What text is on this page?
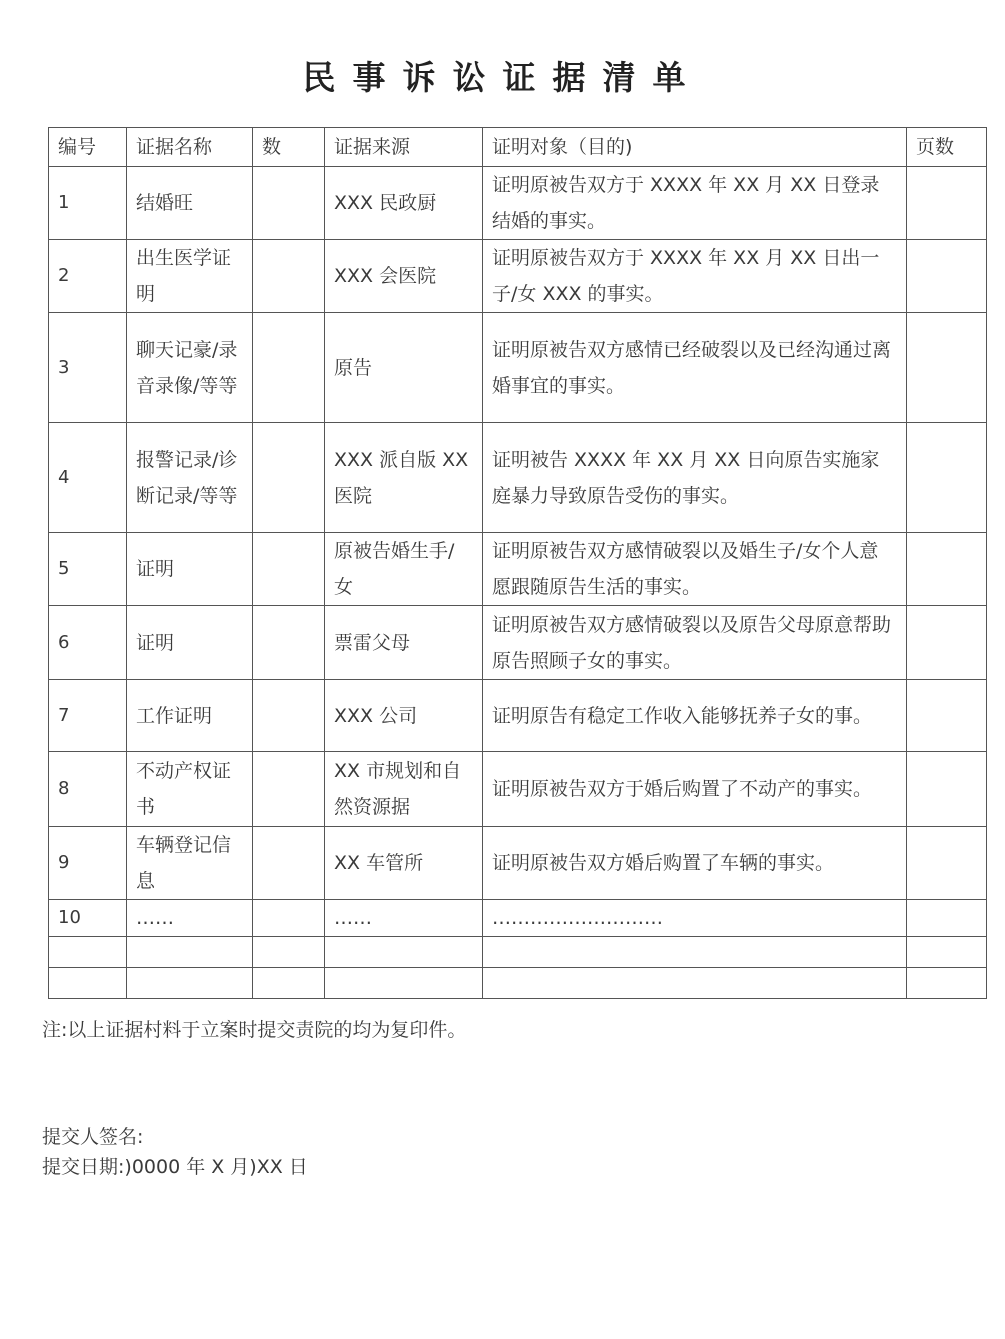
民事诉讼证据清单
编号	证据名称	数	证据来源	证明对象（目的)	页数
1	结婚旺		XXX 民政厨	证明原被告双方于 XXXX 年 XX 月 XX 日登录结婚的事实。	
2	出生医学证明		XXX 会医院	证明原被告双方于 XXXX 年 XX 月 XX 日出一子/女 XXX 的事实。	
3	聊天记豪/录音录像/等等		原告	证明原被告双方感情已经破裂以及已经沟通过离婚事宜的事实。	
4	报警记录/诊断记录/等等		XXX 派自版 XX 医院	证明被告 XXXX 年 XX 月 XX 日向原告实施家庭暴力导致原告受伤的事实。	
5	证明		原被告婚生手/女	证明原被告双方感情破裂以及婚生子/女个人意愿跟随原告生活的事实。	
6	证明		票雷父母	证明原被告双方感情破裂以及原告父母原意帮助原告照顾子女的事实。	
7	工作证明		XXX 公司	证明原告有稳定工作收入能够抚养子女的事。	
8	不动产权证书		XX 市规划和自然资源据	证明原被告双方于婚后购置了不动产的事实。	
9	车辆登记信息		XX 车管所	证明原被告双方婚后购置了车辆的事实。	
10	……		……	………………………	

注:以上证据村料于立案时提交责院的均为复印件。
提交人签名:
提交日期:)0000 年 X 月)XX 日
